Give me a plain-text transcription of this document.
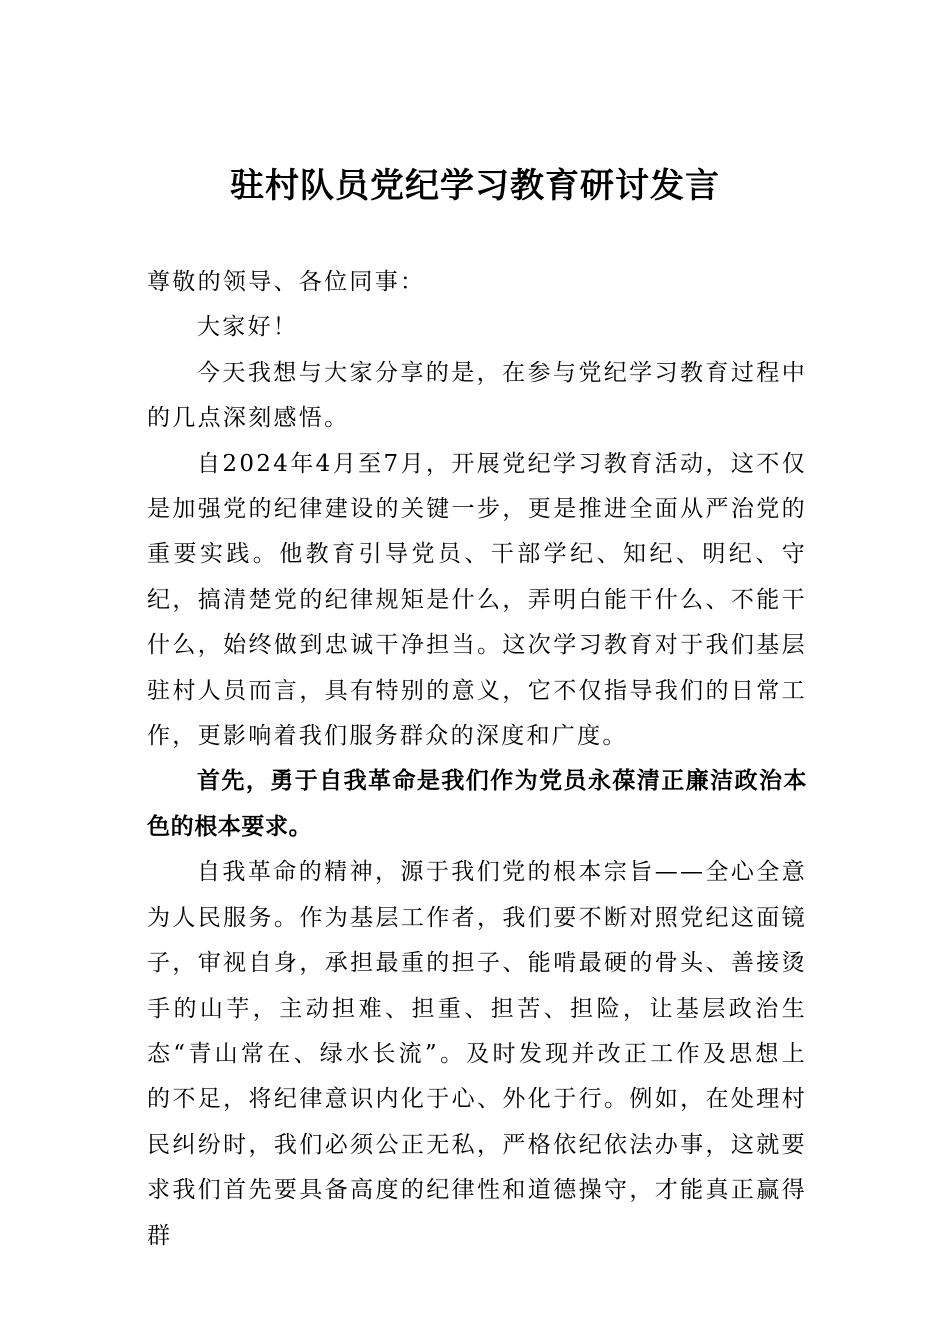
驻村队员党纪学习教育研讨发言

尊敬的领导、各位同事：

大家好！

今天我想与大家分享的是，在参与党纪学习教育过程中的几点深刻感悟。

自2024年4月至7月，开展党纪学习教育活动，这不仅是加强党的纪律建设的关键一步，更是推进全面从严治党的重要实践。他教育引导党员、干部学纪、知纪、明纪、守纪，搞清楚党的纪律规矩是什么，弄明白能干什么、不能干什么，始终做到忠诚干净担当。这次学习教育对于我们基层驻村人员而言，具有特别的意义，它不仅指导我们的日常工作，更影响着我们服务群众的深度和广度。

首先，勇于自我革命是我们作为党员永葆清正廉洁政治本色的根本要求。

自我革命的精神，源于我们党的根本宗旨——全心全意为人民服务。作为基层工作者，我们要不断对照党纪这面镜子，审视自身，承担最重的担子、能啃最硬的骨头、善接烫手的山芋，主动担难、担重、担苦、担险，让基层政治生态“青山常在、绿水长流”。及时发现并改正工作及思想上的不足，将纪律意识内化于心、外化于行。例如，在处理村民纠纷时，我们必须公正无私，严格依纪依法办事，这就要求我们首先要具备高度的纪律性和道德操守，才能真正赢得群
